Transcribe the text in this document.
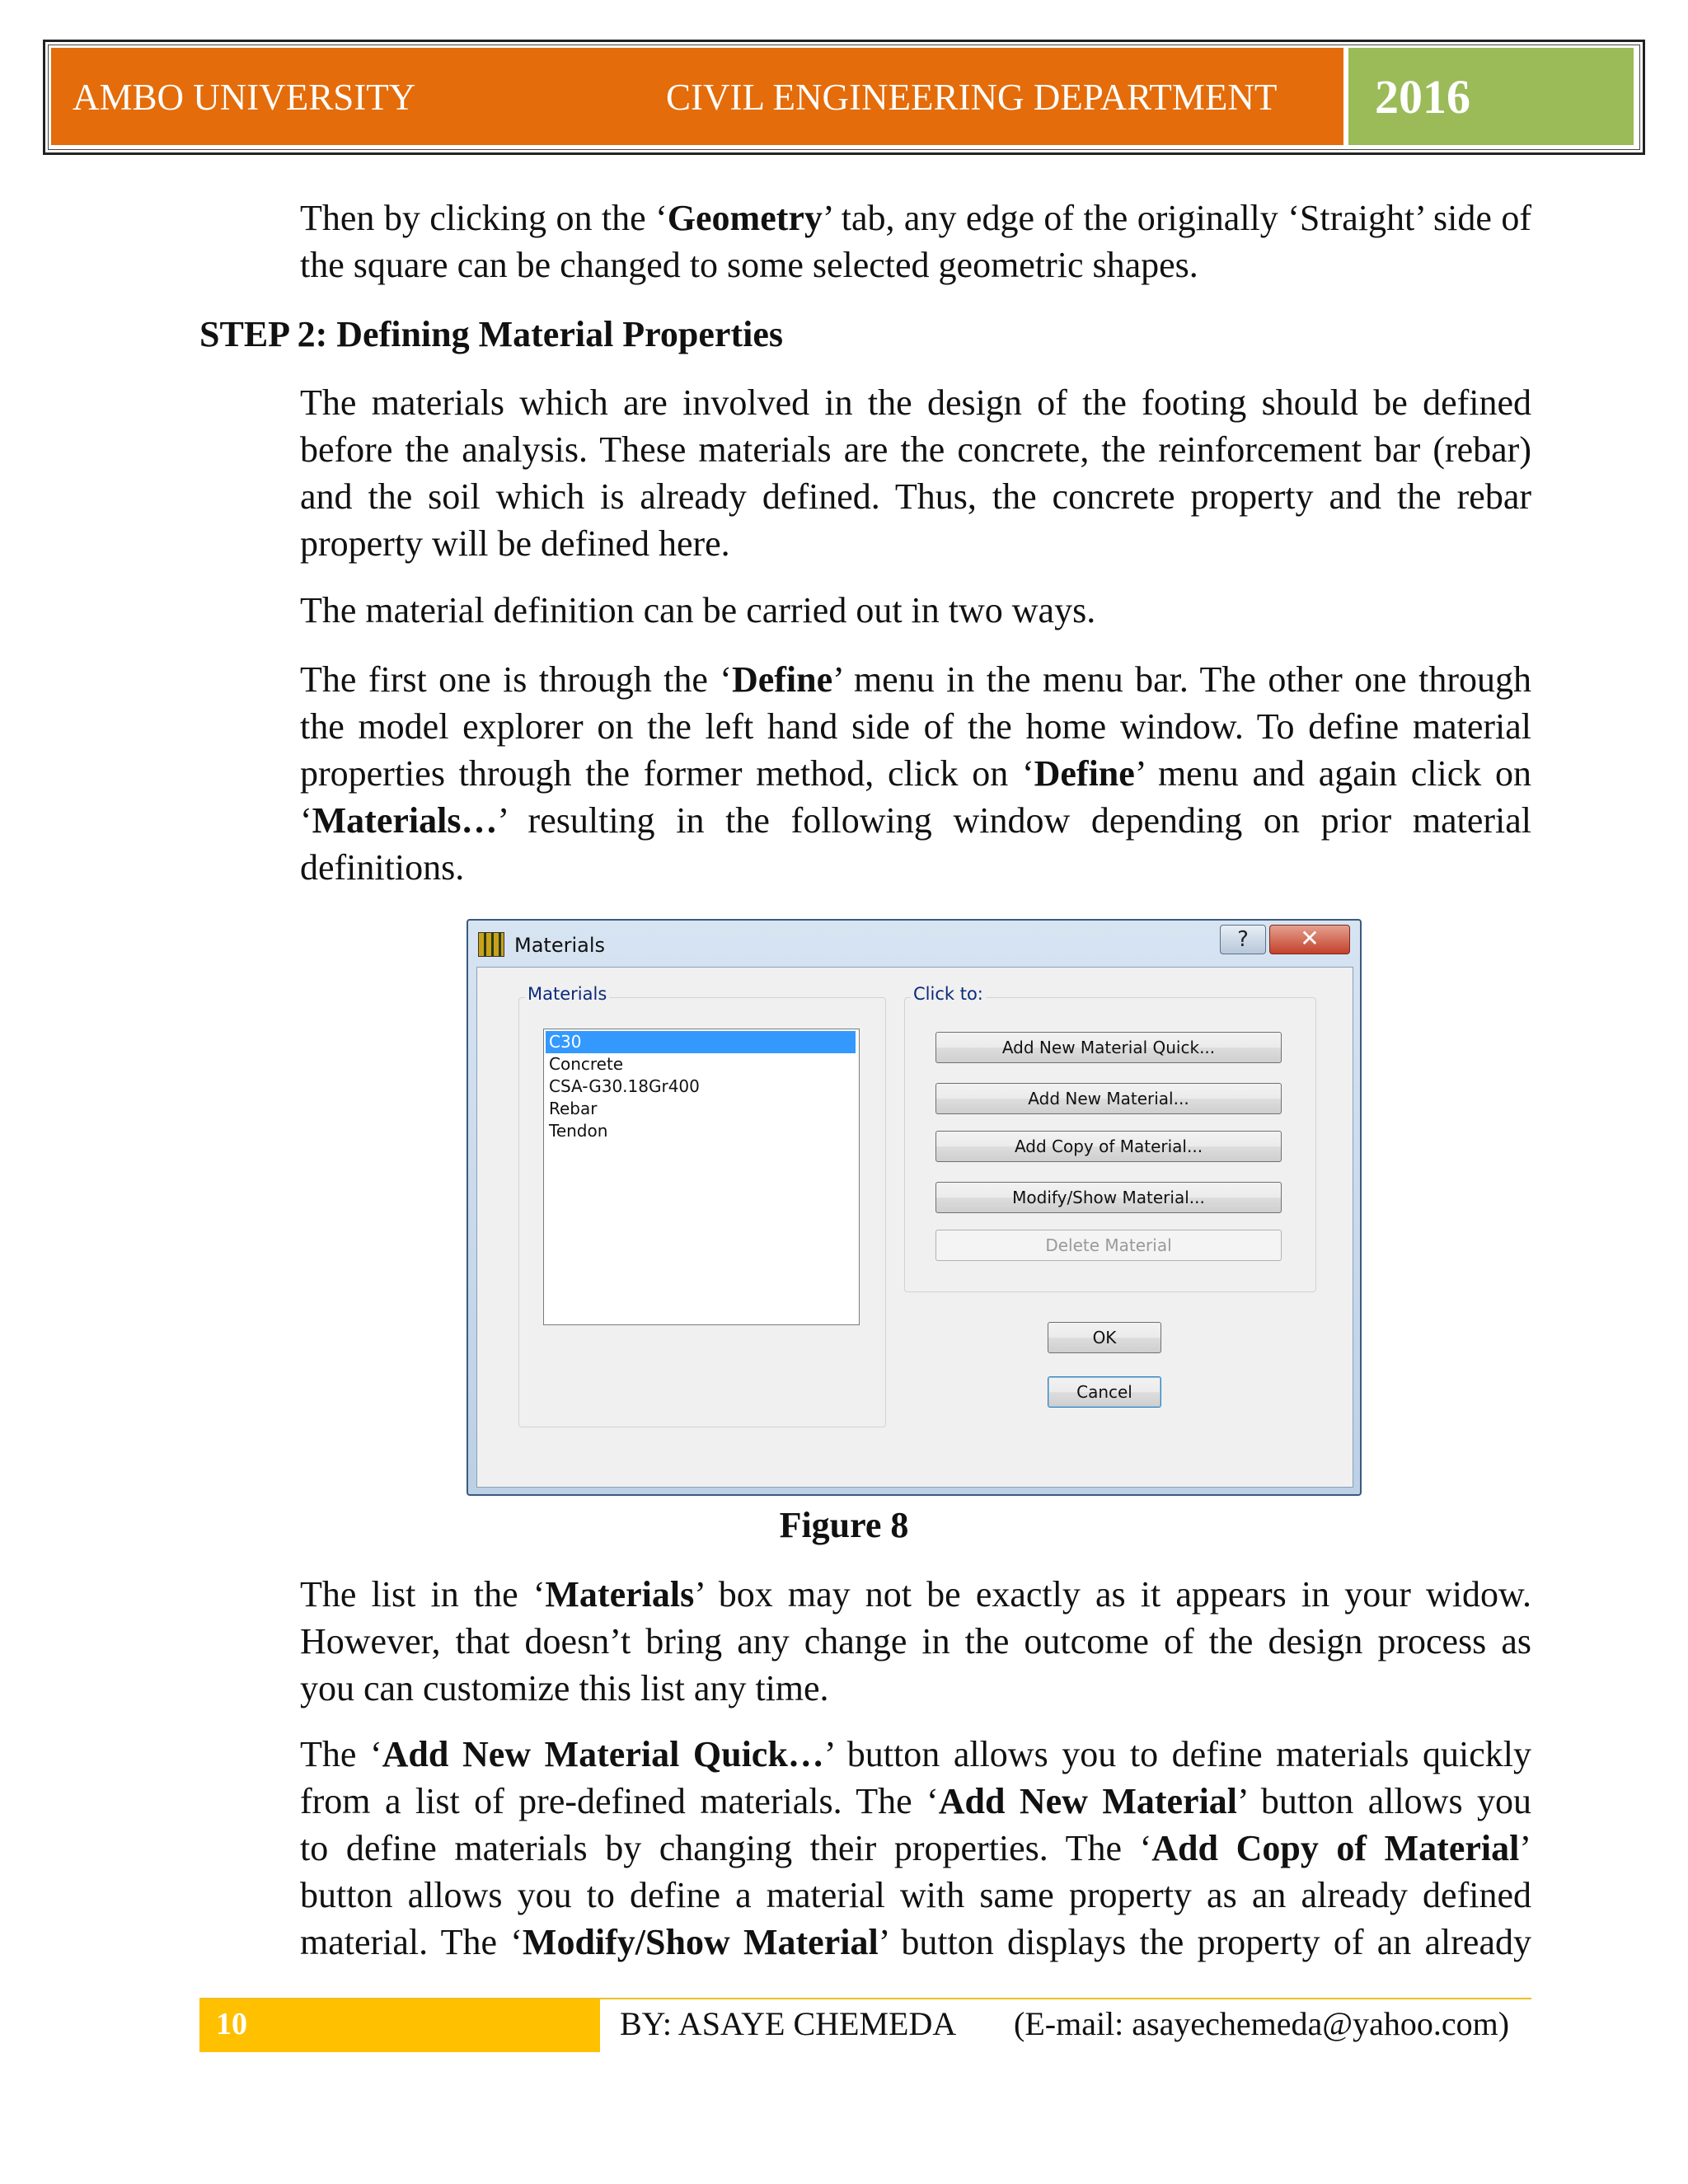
AMBO UNIVERSITY	CIVIL ENGINEERING DEPARTMENT 2016
Then by clicking on the ‘Geometry’ tab, any edge of the originally ‘Straight’ side of
the square can be changed to some selected geometric shapes.
STEP 2: Defining Material Properties
The materials which are involved in the design of the footing should be defined
before the analysis. These materials are the concrete, the reinforcement bar (rebar)
and the soil which is already defined. Thus, the concrete property and the rebar
property will be defined here.
The material definition can be carried out in two ways.
The first one is through the ‘Define’ menu in the menu bar. The other one through
the model explorer on the left hand side of the home window. To define material
properties through the former method, click on ‘Define’ menu and again click on
‘Materials…’ resulting in the following window depending on prior material
definitions.
Materials	?	✕
Materials
C30
Concrete
CSA-G30.18Gr400
Rebar
Tendon
Click to:
Add New Material Quick...
Add New Material...
Add Copy of Material...
Modify/Show Material...
Delete Material
OK
Cancel
Figure 8
The list in the ‘Materials’ box may not be exactly as it appears in your widow.
However, that doesn’t bring any change in the outcome of the design process as
you can customize this list any time.
The ‘Add New Material Quick…’ button allows you to define materials quickly
from a list of pre-defined materials. The ‘Add New Material’ button allows you
to define materials by changing their properties. The ‘Add Copy of Material’
button allows you to define a material with same property as an already defined
material. The ‘Modify/Show Material’ button displays the property of an already
10	BY: ASAYE CHEMEDA (E-mail: asayechemeda@yahoo.com)
